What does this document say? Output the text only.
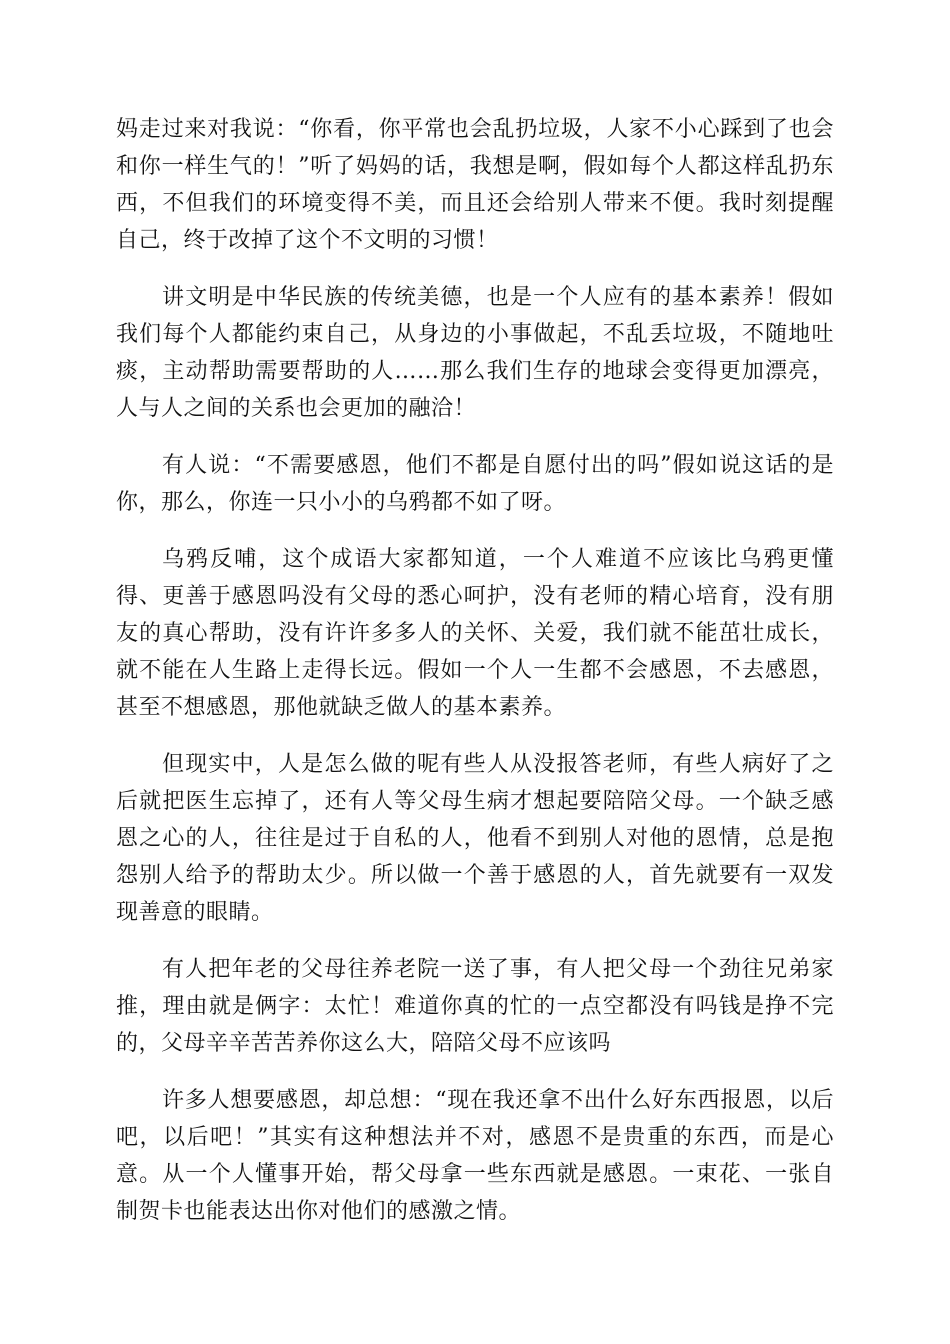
妈走过来对我说：“你看，你平常也会乱扔垃圾，人家不小心踩到了也会和你一样生气的！”听了妈妈的话，我想是啊，假如每个人都这样乱扔东西，不但我们的环境变得不美，而且还会给别人带来不便。我时刻提醒自己，终于改掉了这个不文明的习惯！

讲文明是中华民族的传统美德，也是一个人应有的基本素养！假如我们每个人都能约束自己，从身边的小事做起，不乱丢垃圾，不随地吐痰，主动帮助需要帮助的人……那么我们生存的地球会变得更加漂亮，人与人之间的关系也会更加的融洽！

有人说：“不需要感恩，他们不都是自愿付出的吗”假如说这话的是你，那么，你连一只小小的乌鸦都不如了呀。

乌鸦反哺，这个成语大家都知道，一个人难道不应该比乌鸦更懂得、更善于感恩吗没有父母的悉心呵护，没有老师的精心培育，没有朋友的真心帮助，没有许许多多人的关怀、关爱，我们就不能茁壮成长，就不能在人生路上走得长远。假如一个人一生都不会感恩，不去感恩，甚至不想感恩，那他就缺乏做人的基本素养。

但现实中，人是怎么做的呢有些人从没报答老师，有些人病好了之后就把医生忘掉了，还有人等父母生病才想起要陪陪父母。一个缺乏感恩之心的人，往往是过于自私的人，他看不到别人对他的恩情，总是抱怨别人给予的帮助太少。所以做一个善于感恩的人，首先就要有一双发现善意的眼睛。

有人把年老的父母往养老院一送了事，有人把父母一个劲往兄弟家推，理由就是俩字：太忙！难道你真的忙的一点空都没有吗钱是挣不完的，父母辛辛苦苦养你这么大，陪陪父母不应该吗

许多人想要感恩，却总想：“现在我还拿不出什么好东西报恩，以后吧，以后吧！”其实有这种想法并不对，感恩不是贵重的东西，而是心意。从一个人懂事开始，帮父母拿一些东西就是感恩。一束花、一张自制贺卡也能表达出你对他们的感激之情。
